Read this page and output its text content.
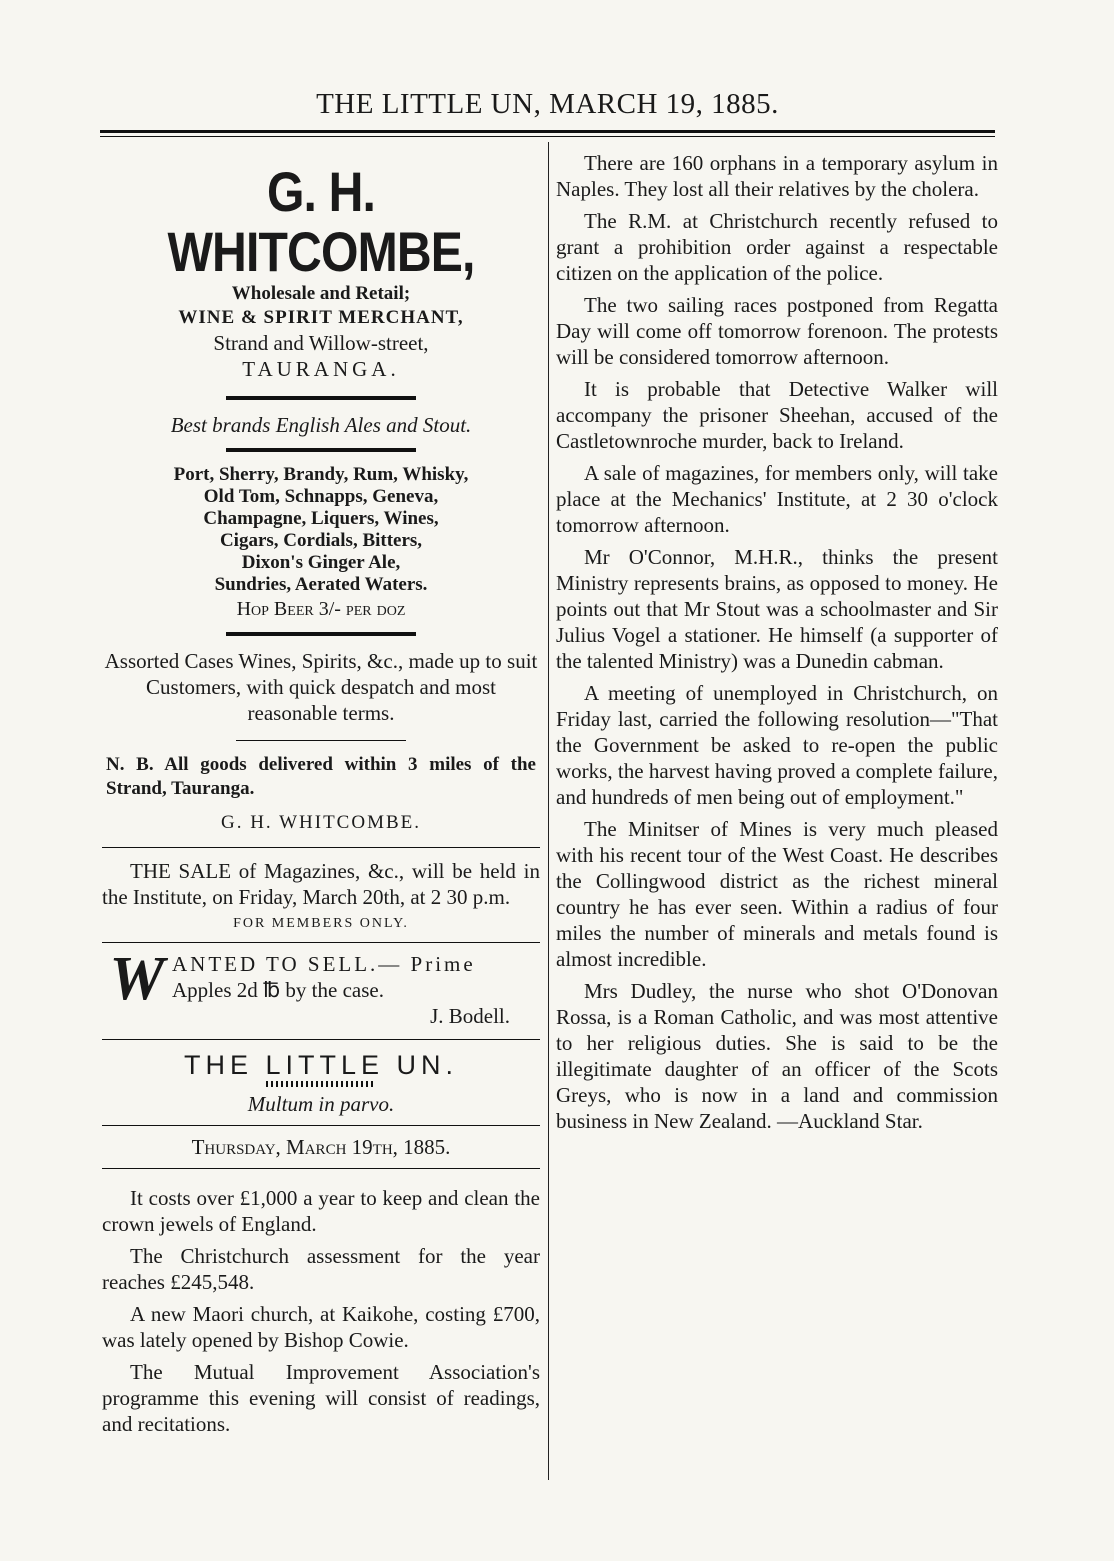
THE LITTLE UN, MARCH 19, 1885.
G. H. WHITCOMBE,
Wholesale and Retail;
WINE & SPIRIT MERCHANT,
Strand and Willow-street,
TAURANGA.
Best brands English Ales and Stout.
Port, Sherry, Brandy, Rum, Whisky,
Old Tom, Schnapps, Geneva,
Champagne, Liquers, Wines,
Cigars, Cordials, Bitters,
Dixon's Ginger Ale,
Sundries, Aerated Waters.
Hop Beer 3/- per doz
Assorted Cases Wines, Spirits, &c., made up to suit Customers, with quick despatch and most reasonable terms.
N. B. All goods delivered within 3 miles of the Strand, Tauranga.
G. H. WHITCOMBE.
THE SALE of Magazines, &c., will be held in the Institute, on Friday, March 20th, at 2 30 p.m.
FOR MEMBERS ONLY.
W ANTED TO SELL.— Prime
Apples 2d ℔ by the case.
J. Bodell.
THE LITTLE UN.
Multum in parvo.
Thursday, March 19th, 1885.

It costs over £1,000 a year to keep and clean the crown jewels of England.

The Christchurch assessment for the year reaches £245,548.

A new Maori church, at Kaikohe, costing £700, was lately opened by Bishop Cowie.

The Mutual Improvement Association's programme this evening will consist of readings, and recitations.

There are 160 orphans in a temporary asylum in Naples. They lost all their relatives by the cholera.

The R.M. at Christchurch recently refused to grant a prohibition order against a respectable citizen on the application of the police.

The two sailing races postponed from Regatta Day will come off tomorrow forenoon. The protests will be considered tomorrow afternoon.

It is probable that Detective Walker will accompany the prisoner Sheehan, accused of the Castletownroche murder, back to Ireland.

A sale of magazines, for members only, will take place at the Mechanics' Institute, at 2 30 o'clock tomorrow afternoon.

Mr O'Connor, M.H.R., thinks the present Ministry represents brains, as opposed to money. He points out that Mr Stout was a schoolmaster and Sir Julius Vogel a stationer. He himself (a supporter of the talented Ministry) was a Dunedin cabman.

A meeting of unemployed in Christchurch, on Friday last, carried the following resolution—"That the Government be asked to re-open the public works, the harvest having proved a complete failure, and hundreds of men being out of employment."

The Minitser of Mines is very much pleased with his recent tour of the West Coast. He describes the Collingwood district as the richest mineral country he has ever seen. Within a radius of four miles the number of minerals and metals found is almost incredible.

Mrs Dudley, the nurse who shot O'Donovan Rossa, is a Roman Catholic, and was most attentive to her religious duties. She is said to be the illegitimate daughter of an officer of the Scots Greys, who is now in a land and commission business in New Zealand. —Auckland Star.
